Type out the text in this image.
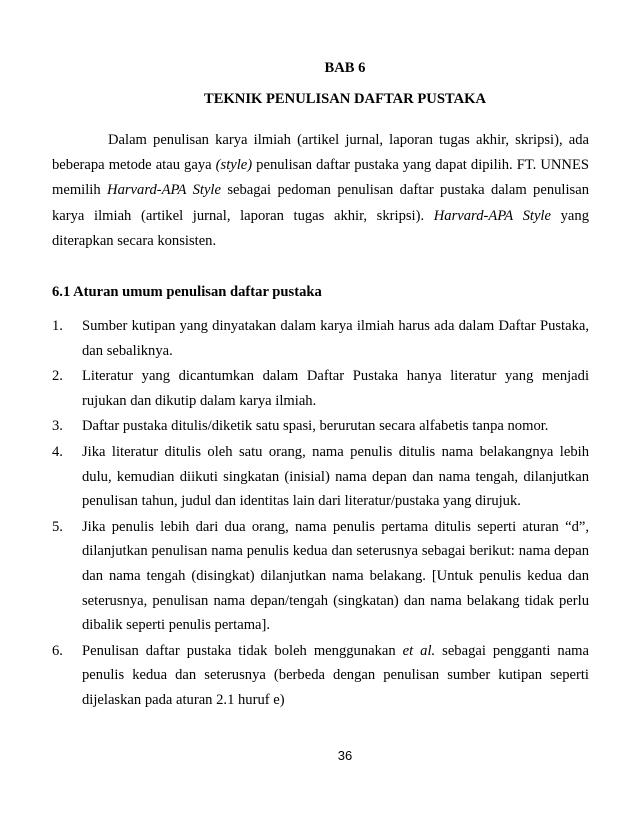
BAB 6
TEKNIK PENULISAN DAFTAR PUSTAKA

Dalam penulisan karya ilmiah (artikel jurnal, laporan tugas akhir, skripsi), ada beberapa metode atau gaya (style) penulisan daftar pustaka yang dapat dipilih. FT. UNNES memilih Harvard-APA Style sebagai pedoman penulisan daftar pustaka dalam penulisan karya ilmiah (artikel jurnal, laporan tugas akhir, skripsi). Harvard-APA Style yang diterapkan secara konsisten.

6.1 Aturan umum penulisan daftar pustaka

1. Sumber kutipan yang dinyatakan dalam karya ilmiah harus ada dalam Daftar Pustaka, dan sebaliknya.
2. Literatur yang dicantumkan dalam Daftar Pustaka hanya literatur yang menjadi rujukan dan dikutip dalam karya ilmiah.
3. Daftar pustaka ditulis/diketik satu spasi, berurutan secara alfabetis tanpa nomor.
4. Jika literatur ditulis oleh satu orang, nama penulis ditulis nama belakangnya lebih dulu, kemudian diikuti singkatan (inisial) nama depan dan nama tengah, dilanjutkan penulisan tahun, judul dan identitas lain dari literatur/pustaka yang dirujuk.
5. Jika penulis lebih dari dua orang, nama penulis pertama ditulis seperti aturan “d”, dilanjutkan penulisan nama penulis kedua dan seterusnya sebagai berikut: nama depan dan nama tengah (disingkat) dilanjutkan nama belakang. [Untuk penulis kedua dan seterusnya, penulisan nama depan/tengah (singkatan) dan nama belakang tidak perlu dibalik seperti penulis pertama].
6. Penulisan daftar pustaka tidak boleh menggunakan et al. sebagai pengganti nama penulis kedua dan seterusnya (berbeda dengan penulisan sumber kutipan seperti dijelaskan pada aturan 2.1 huruf e)
36
